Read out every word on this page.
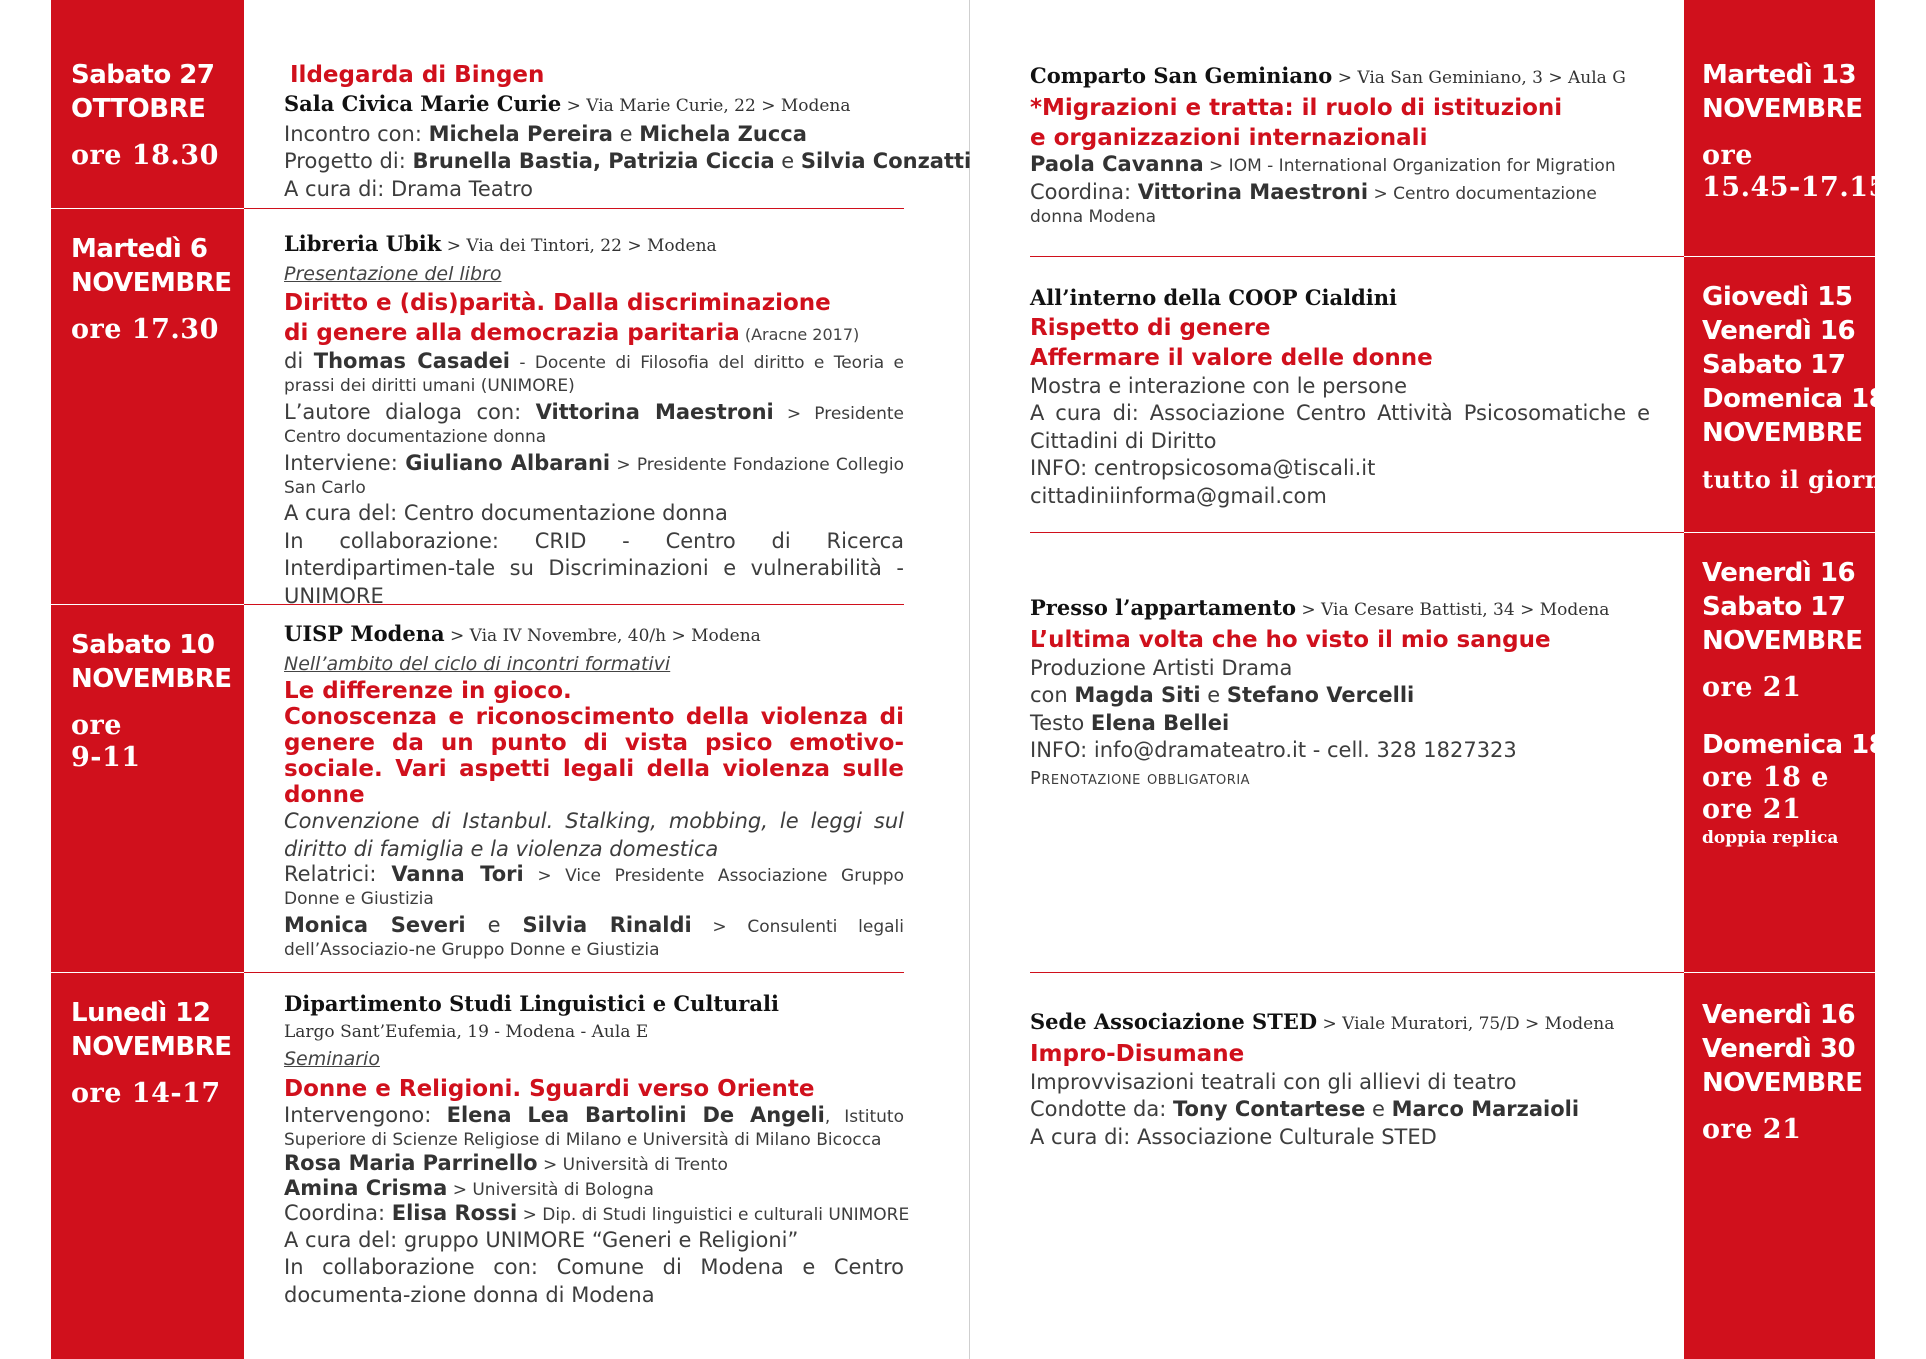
Sabato 27
OTTOBRE
ore 18.30
Martedì 6
NOVEMBRE
ore 17.30
Sabato 10
NOVEMBRE
ore
9-11
Lunedì 12
NOVEMBRE
ore 14-17
Ildegarda di Bingen
Sala Civica Marie Curie > Via Marie Curie, 22 > Modena
Incontro con: Michela Pereira e Michela Zucca
Progetto di: Brunella Bastia, Patrizia Ciccia e Silvia Conzatti
A cura di: Drama Teatro
Libreria Ubik > Via dei Tintori, 22 > Modena
Presentazione del libro
Diritto e (dis)parità. Dalla discriminazione
di genere alla democrazia paritaria (Aracne 2017)
di Thomas Casadei - Docente di Filosofia del diritto e Teoria e prassi dei diritti umani (UNIMORE)
L’autore dialoga con: Vittorina Maestroni > Presidente Centro documentazione donna
Interviene: Giuliano Albarani > Presidente Fondazione Collegio San Carlo
A cura del: Centro documentazione donna
In collaborazione: CRID - Centro di Ricerca Interdipartimen-tale su Discriminazioni e vulnerabilità - UNIMORE
UISP Modena > Via IV Novembre, 40/h > Modena
Nell’ambito del ciclo di incontri formativi
Le differenze in gioco.
Conoscenza e riconoscimento della violenza di genere da un punto di vista psico emotivo-sociale. Vari aspetti legali della violenza sulle donne
Convenzione di Istanbul. Stalking, mobbing, le leggi sul diritto di famiglia e la violenza domestica
Relatrici: Vanna Tori > Vice Presidente Associazione Gruppo Donne e Giustizia
Monica Severi e Silvia Rinaldi > Consulenti legali dell’Associazio-ne Gruppo Donne e Giustizia
Dipartimento Studi Linguistici e Culturali
Largo Sant’Eufemia, 19 - Modena - Aula E
Seminario
Donne e Religioni. Sguardi verso Oriente
Intervengono: Elena Lea Bartolini De Angeli, Istituto Superiore di Scienze Religiose di Milano e Università di Milano Bicocca
Rosa Maria Parrinello > Università di Trento
Amina Crisma > Università di Bologna
Coordina: Elisa Rossi > Dip. di Studi linguistici e culturali UNIMORE
A cura del: gruppo UNIMORE “Generi e Religioni”
In collaborazione con: Comune di Modena e Centro documenta-zione donna di Modena
Martedì 13
NOVEMBRE
ore
15.45-17.15
Giovedì 15
Venerdì 16
Sabato 17
Domenica 18
NOVEMBRE
tutto il giorno
Venerdì 16
Sabato 17
NOVEMBRE
ore 21
Domenica 18
ore 18 e
ore 21
doppia replica
Venerdì 16
Venerdì 30
NOVEMBRE
ore 21
Comparto San Geminiano > Via San Geminiano, 3 > Aula G
*Migrazioni e tratta: il ruolo di istituzioni
e organizzazioni internazionali
Paola Cavanna > IOM - International Organization for Migration
Coordina: Vittorina Maestroni > Centro documentazione donna Modena
All’interno della COOP Cialdini
Rispetto di genere
Affermare il valore delle donne
Mostra e interazione con le persone
A cura di: Associazione Centro Attività Psicosomatiche e Cittadini di Diritto
INFO: centropsicosoma@tiscali.it
cittadiniinforma@gmail.com
Presso l’appartamento > Via Cesare Battisti, 34 > Modena
L’ultima volta che ho visto il mio sangue
Produzione Artisti Drama
con Magda Siti e Stefano Vercelli
Testo Elena Bellei
INFO: info@dramateatro.it - cell. 328 1827323
Prenotazione obbligatoria
Sede Associazione STED > Viale Muratori, 75/D > Modena
Impro-Disumane
Improvvisazioni teatrali con gli allievi di teatro
Condotte da: Tony Contartese e Marco Marzaioli
A cura di: Associazione Culturale STED
